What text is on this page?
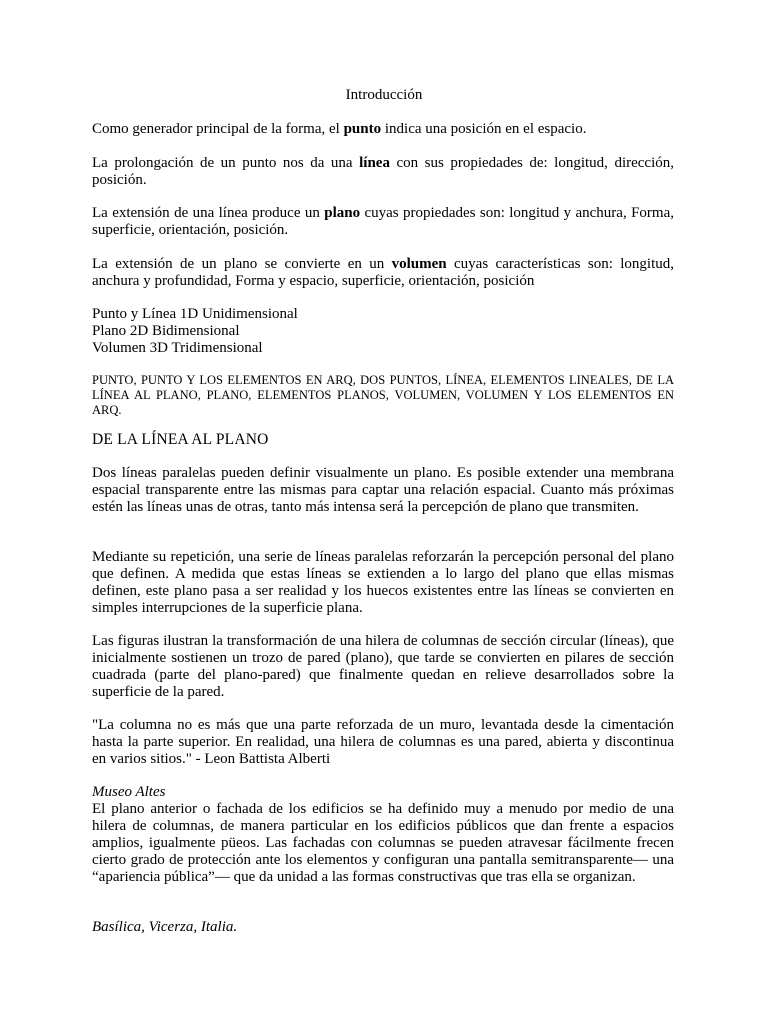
Introducción

Como generador principal de la forma, el punto indica una posición en el espacio.

La prolongación de un punto nos da una línea con sus propiedades de: longitud, dirección, posición.

La extensión de una línea produce un plano cuyas propiedades son: longitud y anchura, Forma, superficie, orientación, posición.

La extensión de un plano se convierte en un volumen cuyas características son: longitud, anchura y profundidad, Forma y espacio, superficie, orientación, posición

Punto y Línea 1D Unidimensional
Plano 2D Bidimensional
Volumen 3D Tridimensional

PUNTO, PUNTO Y LOS ELEMENTOS EN ARQ, DOS PUNTOS, LÍNEA, ELEMENTOS LINEALES, DE LA LÍNEA AL PLANO, PLANO, ELEMENTOS PLANOS, VOLUMEN, VOLUMEN Y LOS ELEMENTOS EN ARQ.

DE LA LÍNEA AL PLANO

Dos líneas paralelas pueden definir visualmente un plano. Es posible extender una membrana espacial transparente entre las mismas para captar una relación espacial. Cuanto más próximas estén las líneas unas de otras, tanto más intensa será la percepción de plano que transmiten.

Mediante su repetición, una serie de líneas paralelas reforzarán la percepción personal del plano que definen. A medida que estas líneas se extienden a lo largo del plano que ellas mismas definen, este plano pasa a ser realidad y los huecos existentes entre las líneas se convierten en simples interrupciones de la superficie plana.

Las figuras ilustran la transformación de una hilera de columnas de sección circular (líneas), que inicialmente sostienen un trozo de pared (plano), que tarde se convierten en pilares de sección cuadrada (parte del plano-pared) que finalmente quedan en relieve desarrollados sobre la superficie de la pared.

"La columna no es más que una parte reforzada de un muro, levantada desde la cimentación hasta la parte superior. En realidad, una hilera de columnas es una pared, abierta y discontinua en varios sitios." - Leon Battista Alberti

Museo Altes
El plano anterior o fachada de los edificios se ha definido muy a menudo por medio de una hilera de columnas, de manera particular en los edificios públicos que dan frente a espacios amplios, igualmente püeos. Las fachadas con columnas se pueden atravesar fácilmente frecen cierto grado de protección ante los elementos y configuran una pantalla semitransparente— una “apariencia pública”— que da unidad a las formas constructivas que tras ella se organizan.
Basílica, Vicerza, Italia.
